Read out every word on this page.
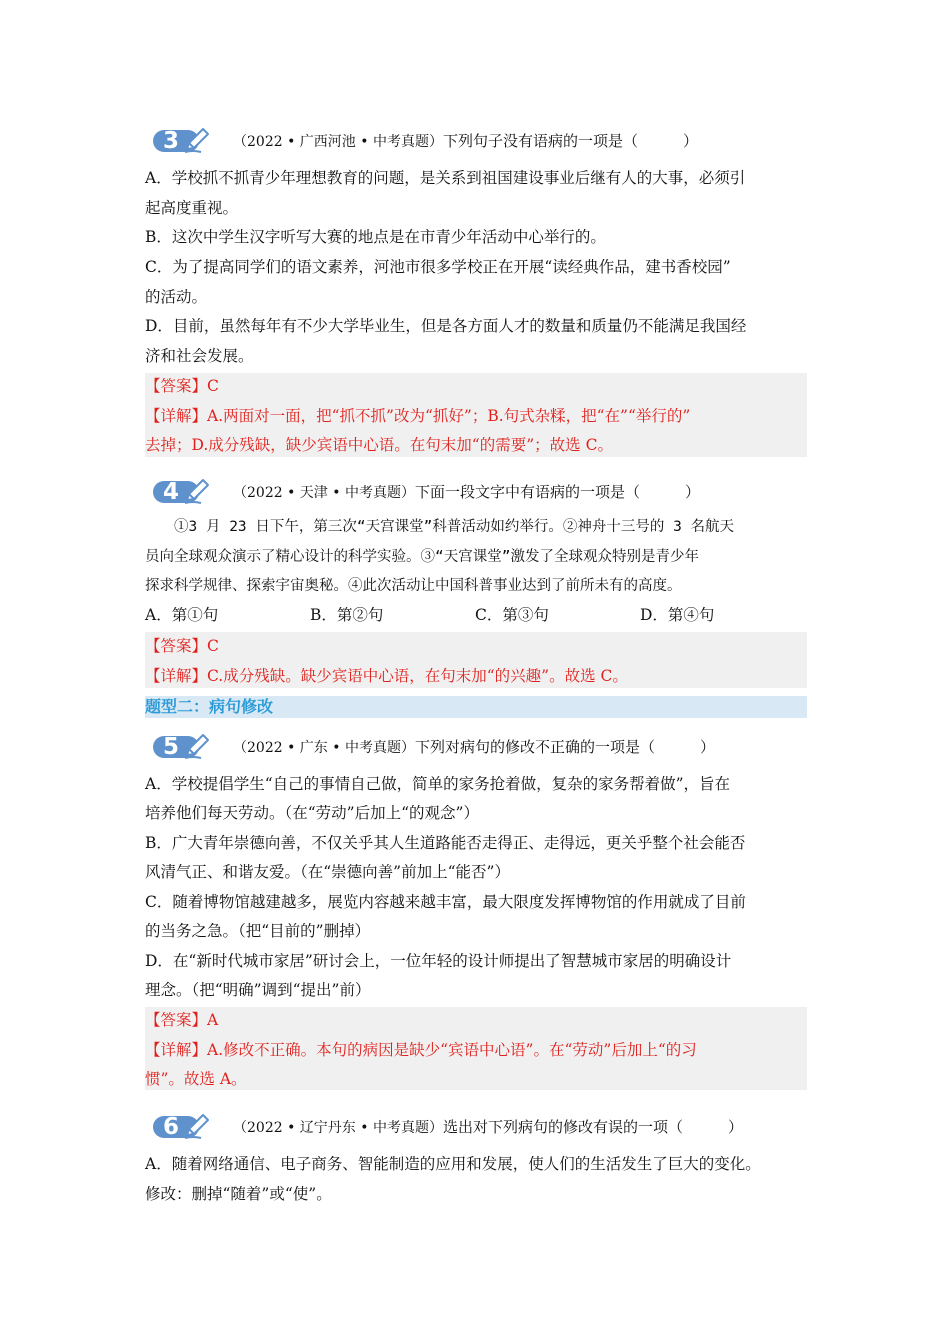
3	（2022 • 广西河池 • 中考真题）下列句子没有语病的一项是（　　　）
A．学校抓不抓青少年理想教育的问题，是关系到祖国建设事业后继有人的大事，必须引
起高度重视。
B．这次中学生汉字听写大赛的地点是在市青少年活动中心举行的。
C．为了提高同学们的语文素养，河池市很多学校正在开展“读经典作品，建书香校园”
的活动。
D．目前，虽然每年有不少大学毕业生，但是各方面人才的数量和质量仍不能满足我国经
济和社会发展。
【答案】C
【详解】A.两面对一面，把“抓不抓”改为“抓好”；B.句式杂糅，把“在”“举行的”
去掉；D.成分残缺，缺少宾语中心语。在句末加“的需要”；故选 C。
4	（2022 • 天津 • 中考真题）下面一段文字中有语病的一项是（　　　）
　　①3 月 23 日下午，第三次“天宫课堂”科普活动如约举行。②神舟十三号的 3 名航天
员向全球观众演示了精心设计的科学实验。③“天宫课堂”激发了全球观众特别是青少年
探求科学规律、探索宇宙奥秘。④此次活动让中国科普事业达到了前所未有的高度。
A．第①句	B．第②句	C．第③句	D．第④句
【答案】C
【详解】C.成分残缺。缺少宾语中心语，在句末加“的兴趣”。故选 C。
题型二：病句修改
5	（2022 • 广东 • 中考真题）下列对病句的修改不正确的一项是（　　　）
A．学校提倡学生“自己的事情自己做，简单的家务抢着做，复杂的家务帮着做”，旨在
培养他们每天劳动。（在“劳动”后加上“的观念”）
B．广大青年崇德向善，不仅关乎其人生道路能否走得正、走得远，更关乎整个社会能否
风清气正、和谐友爱。（在“崇德向善”前加上“能否”）
C．随着博物馆越建越多，展览内容越来越丰富，最大限度发挥博物馆的作用就成了目前
的当务之急。（把“目前的”删掉）
D．在“新时代城市家居”研讨会上，一位年轻的设计师提出了智慧城市家居的明确设计
理念。（把“明确”调到“提出”前）
【答案】A
【详解】A.修改不正确。本句的病因是缺少“宾语中心语”。在“劳动”后加上“的习
惯”。故选 A。
6	（2022 • 辽宁丹东 • 中考真题）选出对下列病句的修改有误的一项（　　　）
A．随着网络通信、电子商务、智能制造的应用和发展，使人们的生活发生了巨大的变化。
修改：删掉“随着”或“使”。
